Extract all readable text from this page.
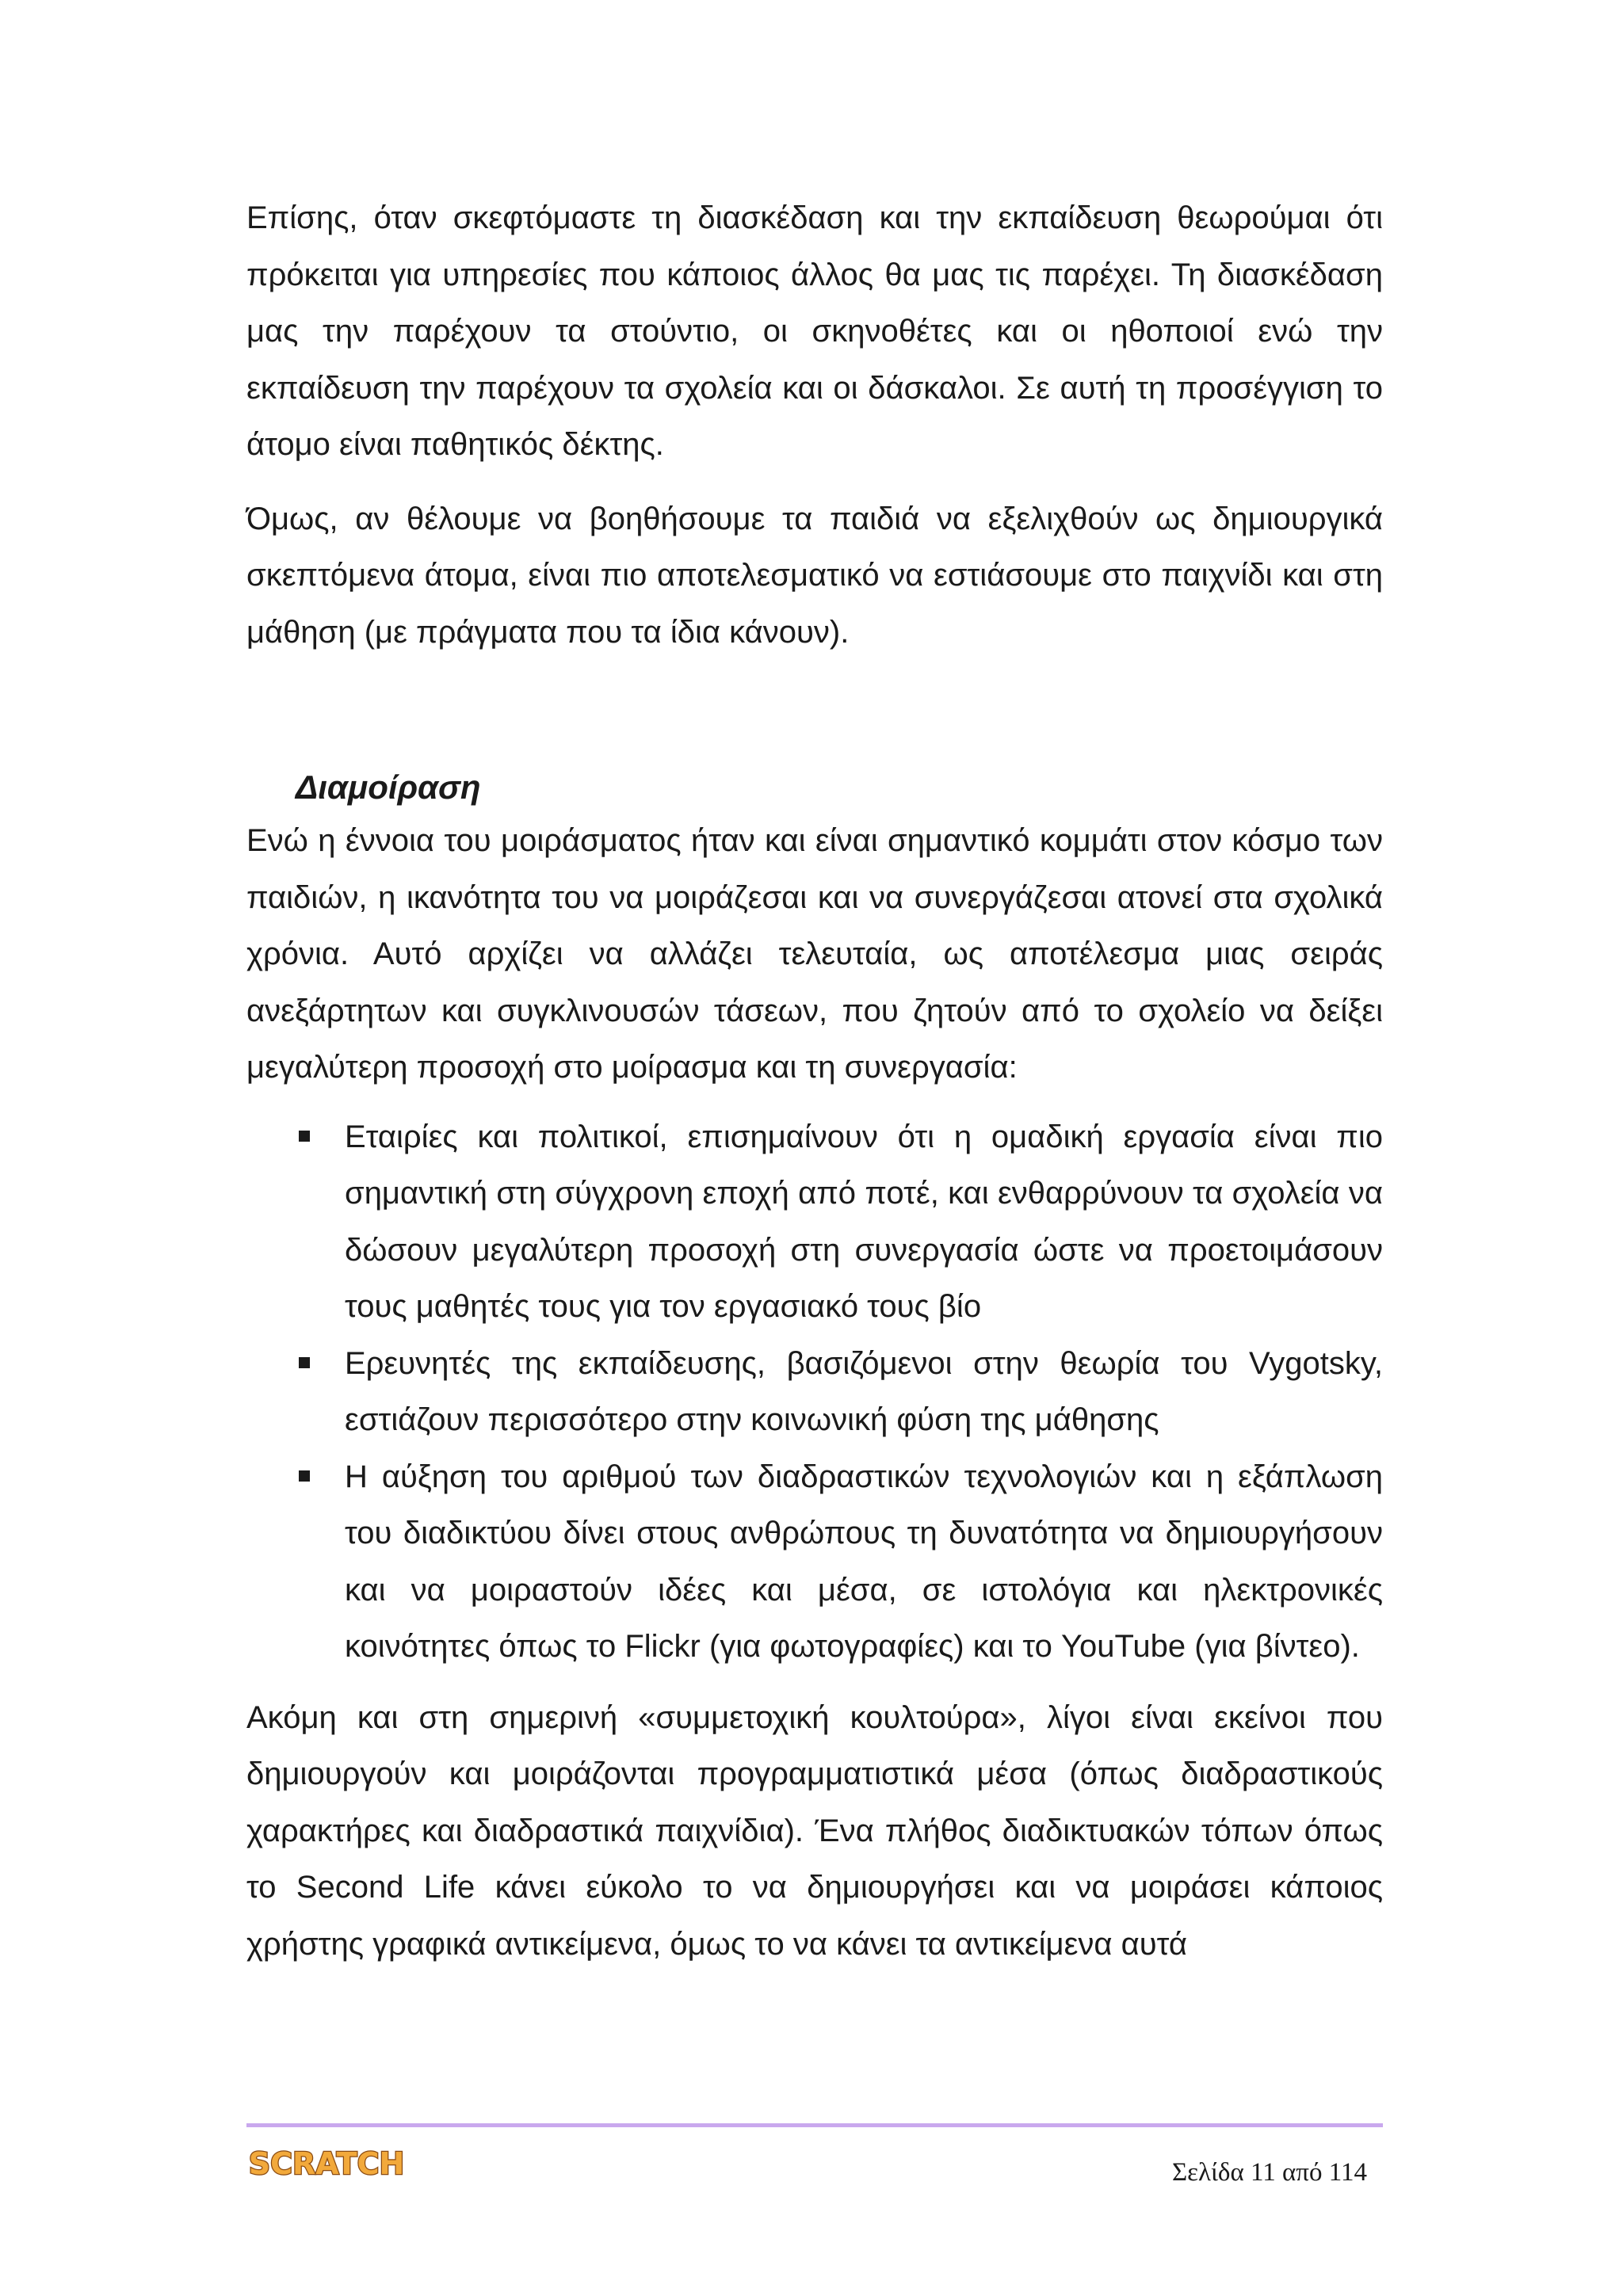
Επίσης, όταν σκεφτόμαστε τη διασκέδαση και την εκπαίδευση θεωρούμαι ότι πρόκειται για υπηρεσίες που κάποιος άλλος θα μας τις παρέχει. Τη διασκέδαση μας την παρέχουν τα στούντιο, οι σκηνοθέτες και οι ηθοποιοί ενώ την εκπαίδευση την παρέχουν τα σχολεία και οι δάσκαλοι. Σε αυτή τη προσέγγιση το άτομο είναι παθητικός δέκτης.

Όμως, αν θέλουμε να βοηθήσουμε τα παιδιά να εξελιχθούν ως δημιουργικά σκεπτόμενα άτομα, είναι πιο αποτελεσματικό να εστιάσουμε στο παιχνίδι και στη μάθηση (με πράγματα που τα ίδια κάνουν).

Διαμοίραση

Ενώ η έννοια του μοιράσματος ήταν και είναι σημαντικό κομμάτι στον κόσμο των παιδιών, η ικανότητα του να μοιράζεσαι και να συνεργάζεσαι ατονεί στα σχολικά χρόνια. Αυτό αρχίζει να αλλάζει τελευταία, ως αποτέλεσμα μιας σειράς ανεξάρτητων και συγκλινουσών τάσεων, που ζητούν από το σχολείο να δείξει μεγαλύτερη προσοχή στο μοίρασμα και τη συνεργασία:

Εταιρίες και πολιτικοί, επισημαίνουν ότι η ομαδική εργασία είναι πιο σημαντική στη σύγχρονη εποχή από ποτέ, και ενθαρρύνουν τα σχολεία να δώσουν μεγαλύτερη προσοχή στη συνεργασία ώστε να προετοιμάσουν τους μαθητές τους για τον εργασιακό τους βίο
Ερευνητές της εκπαίδευσης, βασιζόμενοι στην θεωρία του Vygotsky, εστιάζουν περισσότερο στην κοινωνική φύση της μάθησης
Η αύξηση του αριθμού των διαδραστικών τεχνολογιών και η εξάπλωση του διαδικτύου δίνει στους ανθρώπους τη δυνατότητα να δημιουργήσουν και να μοιραστούν ιδέες και μέσα, σε ιστολόγια και ηλεκτρονικές κοινότητες όπως το Flickr (για φωτογραφίες) και το YouTube (για βίντεο).

Ακόμη και στη σημερινή «συμμετοχική κουλτούρα», λίγοι είναι εκείνοι που δημιουργούν και μοιράζονται προγραμματιστικά μέσα (όπως διαδραστικούς χαρακτήρες και διαδραστικά παιχνίδια). Ένα πλήθος διαδικτυακών τόπων όπως το Second Life κάνει εύκολο το να δημιουργήσει και να μοιράσει κάποιος χρήστης γραφικά αντικείμενα, όμως το να κάνει τα αντικείμενα αυτά

SCRATCH	Σελίδα 11 από 114
